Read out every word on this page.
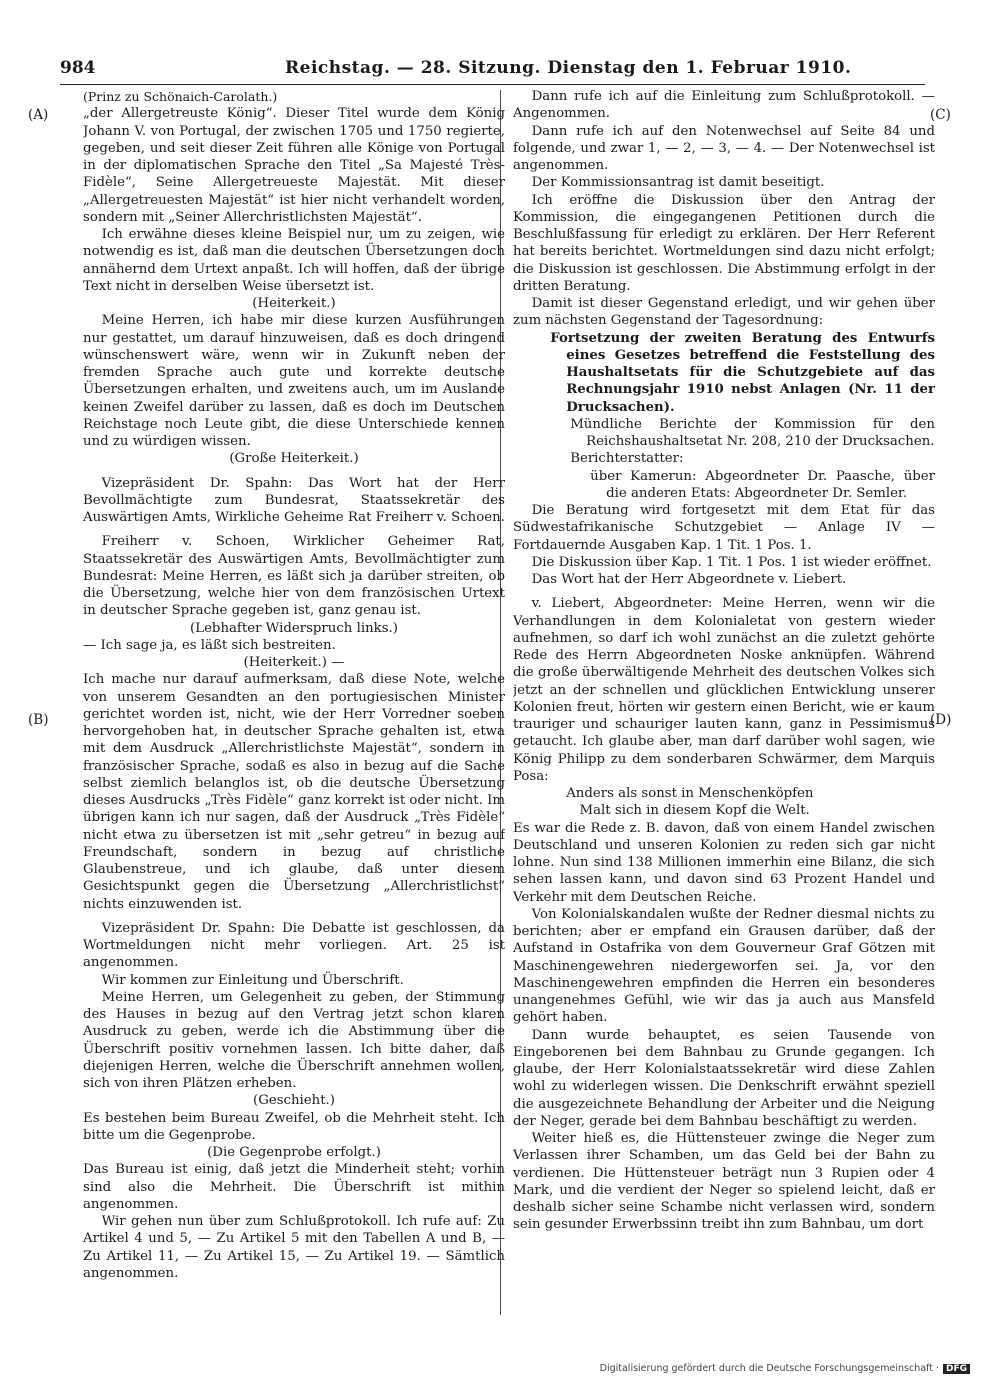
984	Reichstag. — 28. Sitzung. Dienstag den 1. Februar 1910.
(A)
(B)
(C)
(D)

(Prinz zu Schönaich-Carolath.)

„der Allergetreuste König“. Dieser Titel wurde dem König Johann V. von Portugal, der zwischen 1705 und 1750 regierte, gegeben, und seit dieser Zeit führen alle Könige von Portugal in der diplomatischen Sprache den Titel „Sa Majesté Très-Fidèle“, Seine Allergetreueste Majestät. Mit dieser „Allergetreuesten Majestät“ ist hier nicht verhandelt worden, sondern mit „Seiner Allerchristlichsten Majestät“.

Ich erwähne dieses kleine Beispiel nur, um zu zeigen, wie notwendig es ist, daß man die deutschen Übersetzungen doch annähernd dem Urtext anpaßt. Ich will hoffen, daß der übrige Text nicht in derselben Weise übersetzt ist.

(Heiterkeit.)

Meine Herren, ich habe mir diese kurzen Ausführungen nur gestattet, um darauf hinzuweisen, daß es doch dringend wünschenswert wäre, wenn wir in Zukunft neben der fremden Sprache auch gute und korrekte deutsche Übersetzungen erhalten, und zweitens auch, um im Auslande keinen Zweifel darüber zu lassen, daß es doch im Deutschen Reichstage noch Leute gibt, die diese Unterschiede kennen und zu würdigen wissen.

(Große Heiterkeit.)

Vizepräsident Dr. Spahn: Das Wort hat der Herr Bevollmächtigte zum Bundesrat, Staatssekretär des Auswärtigen Amts, Wirkliche Geheime Rat Freiherr v. Schoen.

Freiherr v. Schoen, Wirklicher Geheimer Rat, Staatssekretär des Auswärtigen Amts, Bevollmächtigter zum Bundesrat: Meine Herren, es läßt sich ja darüber streiten, ob die Übersetzung, welche hier von dem französischen Urtext in deutscher Sprache gegeben ist, ganz genau ist.

(Lebhafter Widerspruch links.)

— Ich sage ja, es läßt sich bestreiten.

(Heiterkeit.) —

Ich mache nur darauf aufmerksam, daß diese Note, welche von unserem Gesandten an den portugiesischen Minister gerichtet worden ist, nicht, wie der Herr Vorredner soeben hervorgehoben hat, in deutscher Sprache gehalten ist, etwa mit dem Ausdruck „Allerchristlichste Majestät“, sondern in französischer Sprache, sodaß es also in bezug auf die Sache selbst ziemlich belanglos ist, ob die deutsche Übersetzung dieses Ausdrucks „Très Fidèle“ ganz korrekt ist oder nicht. Im übrigen kann ich nur sagen, daß der Ausdruck „Très Fidèle“ nicht etwa zu übersetzen ist mit „sehr getreu“ in bezug auf Freundschaft, sondern in bezug auf christliche Glaubenstreue, und ich glaube, daß unter diesem Gesichtspunkt gegen die Übersetzung „Allerchristlichst“ nichts einzuwenden ist.

Vizepräsident Dr. Spahn: Die Debatte ist geschlossen, da Wortmeldungen nicht mehr vorliegen. Art. 25 ist angenommen.

Wir kommen zur Einleitung und Überschrift.

Meine Herren, um Gelegenheit zu geben, der Stimmung des Hauses in bezug auf den Vertrag jetzt schon klaren Ausdruck zu geben, werde ich die Abstimmung über die Überschrift positiv vornehmen lassen. Ich bitte daher, daß diejenigen Herren, welche die Überschrift annehmen wollen, sich von ihren Plätzen erheben.

(Geschieht.)

Es bestehen beim Bureau Zweifel, ob die Mehrheit steht. Ich bitte um die Gegenprobe.

(Die Gegenprobe erfolgt.)

Das Bureau ist einig, daß jetzt die Minderheit steht; vorhin sind also die Mehrheit. Die Überschrift ist mithin angenommen.

Wir gehen nun über zum Schlußprotokoll. Ich rufe auf: Zu Artikel 4 und 5, — Zu Artikel 5 mit den Tabellen A und B, — Zu Artikel 11, — Zu Artikel 15, — Zu Artikel 19. — Sämtlich angenommen.

Dann rufe ich auf die Einleitung zum Schlußprotokoll. — Angenommen.

Dann rufe ich auf den Notenwechsel auf Seite 84 und folgende, und zwar 1, — 2, — 3, — 4. — Der Notenwechsel ist angenommen.

Der Kommissionsantrag ist damit beseitigt.

Ich eröffne die Diskussion über den Antrag der Kommission, die eingegangenen Petitionen durch die Beschlußfassung für erledigt zu erklären. Der Herr Referent hat bereits berichtet. Wortmeldungen sind dazu nicht erfolgt; die Diskussion ist geschlossen. Die Abstimmung erfolgt in der dritten Beratung.

Damit ist dieser Gegenstand erledigt, und wir gehen über zum nächsten Gegenstand der Tagesordnung:

Fortsetzung der zweiten Beratung des Entwurfs eines Gesetzes betreffend die Feststellung des Haushaltsetats für die Schutzgebiete auf das Rechnungsjahr 1910 nebst Anlagen (Nr. 11 der Drucksachen).

Mündliche Berichte der Kommission für den Reichshaushaltsetat Nr. 208, 210 der Drucksachen.

Berichterstatter:

über Kamerun: Abgeordneter Dr. Paasche, über die anderen Etats: Abgeordneter Dr. Semler.

Die Beratung wird fortgesetzt mit dem Etat für das Südwestafrikanische Schutzgebiet — Anlage IV — Fortdauernde Ausgaben Kap. 1 Tit. 1 Pos. 1.

Die Diskussion über Kap. 1 Tit. 1 Pos. 1 ist wieder eröffnet.

Das Wort hat der Herr Abgeordnete v. Liebert.

v. Liebert, Abgeordneter: Meine Herren, wenn wir die Verhandlungen in dem Kolonialetat von gestern wieder aufnehmen, so darf ich wohl zunächst an die zuletzt gehörte Rede des Herrn Abgeordneten Noske anknüpfen. Während die große überwältigende Mehrheit des deutschen Volkes sich jetzt an der schnellen und glücklichen Entwicklung unserer Kolonien freut, hörten wir gestern einen Bericht, wie er kaum trauriger und schauriger lauten kann, ganz in Pessimismus getaucht. Ich glaube aber, man darf darüber wohl sagen, wie König Philipp zu dem sonderbaren Schwärmer, dem Marquis Posa:

Anders als sonst in Menschenköpfen

Malt sich in diesem Kopf die Welt.

Es war die Rede z. B. davon, daß von einem Handel zwischen Deutschland und unseren Kolonien zu reden sich gar nicht lohne. Nun sind 138 Millionen immerhin eine Bilanz, die sich sehen lassen kann, und davon sind 63 Prozent Handel und Verkehr mit dem Deutschen Reiche.

Von Kolonialskandalen wußte der Redner diesmal nichts zu berichten; aber er empfand ein Grausen darüber, daß der Aufstand in Ostafrika von dem Gouverneur Graf Götzen mit Maschinengewehren niedergeworfen sei. Ja, vor den Maschinengewehren empfinden die Herren ein besonderes unangenehmes Gefühl, wie wir das ja auch aus Mansfeld gehört haben.

Dann wurde behauptet, es seien Tausende von Eingeborenen bei dem Bahnbau zu Grunde gegangen. Ich glaube, der Herr Kolonialstaatssekretär wird diese Zahlen wohl zu widerlegen wissen. Die Denkschrift erwähnt speziell die ausgezeichnete Behandlung der Arbeiter und die Neigung der Neger, gerade bei dem Bahnbau beschäftigt zu werden.

Weiter hieß es, die Hüttensteuer zwinge die Neger zum Verlassen ihrer Schamben, um das Geld bei der Bahn zu verdienen. Die Hüttensteuer beträgt nun 3 Rupien oder 4 Mark, und die verdient der Neger so spielend leicht, daß er deshalb sicher seine Schambe nicht verlassen wird, sondern sein gesunder Erwerbssinn treibt ihn zum Bahnbau, um dort

Digitalisierung gefördert durch die Deutsche Forschungsgemeinschaft · DFG
